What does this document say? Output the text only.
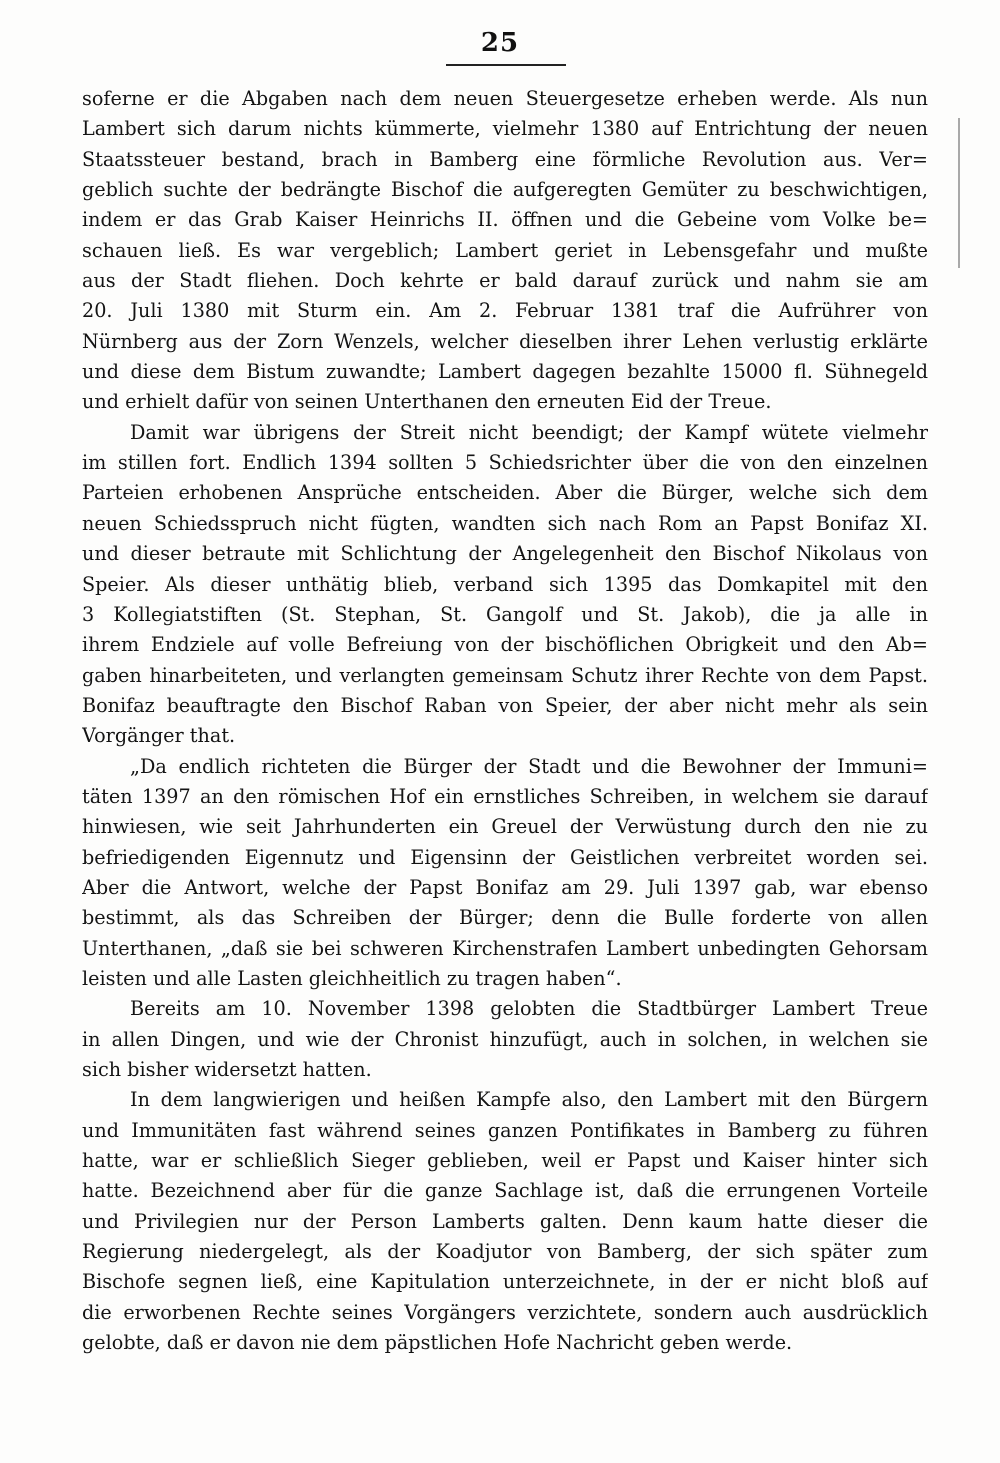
25
soferne er die Abgaben nach dem neuen Steuergesetze erheben werde. Als nun
Lambert sich darum nichts kümmerte, vielmehr 1380 auf Entrichtung der neuen
Staatssteuer bestand, brach in Bamberg eine förmliche Revolution aus. Ver=
geblich suchte der bedrängte Bischof die aufgeregten Gemüter zu beschwichtigen,
indem er das Grab Kaiser Heinrichs II. öffnen und die Gebeine vom Volke be=
schauen ließ. Es war vergeblich; Lambert geriet in Lebensgefahr und mußte
aus der Stadt fliehen. Doch kehrte er bald darauf zurück und nahm sie am
20. Juli 1380 mit Sturm ein. Am 2. Februar 1381 traf die Aufrührer von
Nürnberg aus der Zorn Wenzels, welcher dieselben ihrer Lehen verlustig erklärte
und diese dem Bistum zuwandte; Lambert dagegen bezahlte 15000 fl. Sühnegeld
und erhielt dafür von seinen Unterthanen den erneuten Eid der Treue.
Damit war übrigens der Streit nicht beendigt; der Kampf wütete vielmehr
im stillen fort. Endlich 1394 sollten 5 Schiedsrichter über die von den einzelnen
Parteien erhobenen Ansprüche entscheiden. Aber die Bürger, welche sich dem
neuen Schiedsspruch nicht fügten, wandten sich nach Rom an Papst Bonifaz XI.
und dieser betraute mit Schlichtung der Angelegenheit den Bischof Nikolaus von
Speier. Als dieser unthätig blieb, verband sich 1395 das Domkapitel mit den
3 Kollegiatstiften (St. Stephan, St. Gangolf und St. Jakob), die ja alle in
ihrem Endziele auf volle Befreiung von der bischöflichen Obrigkeit und den Ab=
gaben hinarbeiteten, und verlangten gemeinsam Schutz ihrer Rechte von dem Papst.
Bonifaz beauftragte den Bischof Raban von Speier, der aber nicht mehr als sein
Vorgänger that.
„Da endlich richteten die Bürger der Stadt und die Bewohner der Immuni=
täten 1397 an den römischen Hof ein ernstliches Schreiben, in welchem sie darauf
hinwiesen, wie seit Jahrhunderten ein Greuel der Verwüstung durch den nie zu
befriedigenden Eigennutz und Eigensinn der Geistlichen verbreitet worden sei.
Aber die Antwort, welche der Papst Bonifaz am 29. Juli 1397 gab, war ebenso
bestimmt, als das Schreiben der Bürger; denn die Bulle forderte von allen
Unterthanen, „daß sie bei schweren Kirchenstrafen Lambert unbedingten Gehorsam
leisten und alle Lasten gleichheitlich zu tragen haben“.
Bereits am 10. November 1398 gelobten die Stadtbürger Lambert Treue
in allen Dingen, und wie der Chronist hinzufügt, auch in solchen, in welchen sie
sich bisher widersetzt hatten.
In dem langwierigen und heißen Kampfe also, den Lambert mit den Bürgern
und Immunitäten fast während seines ganzen Pontifikates in Bamberg zu führen
hatte, war er schließlich Sieger geblieben, weil er Papst und Kaiser hinter sich
hatte. Bezeichnend aber für die ganze Sachlage ist, daß die errungenen Vorteile
und Privilegien nur der Person Lamberts galten. Denn kaum hatte dieser die
Regierung niedergelegt, als der Koadjutor von Bamberg, der sich später zum
Bischofe segnen ließ, eine Kapitulation unterzeichnete, in der er nicht bloß auf
die erworbenen Rechte seines Vorgängers verzichtete, sondern auch ausdrücklich
gelobte, daß er davon nie dem päpstlichen Hofe Nachricht geben werde.
